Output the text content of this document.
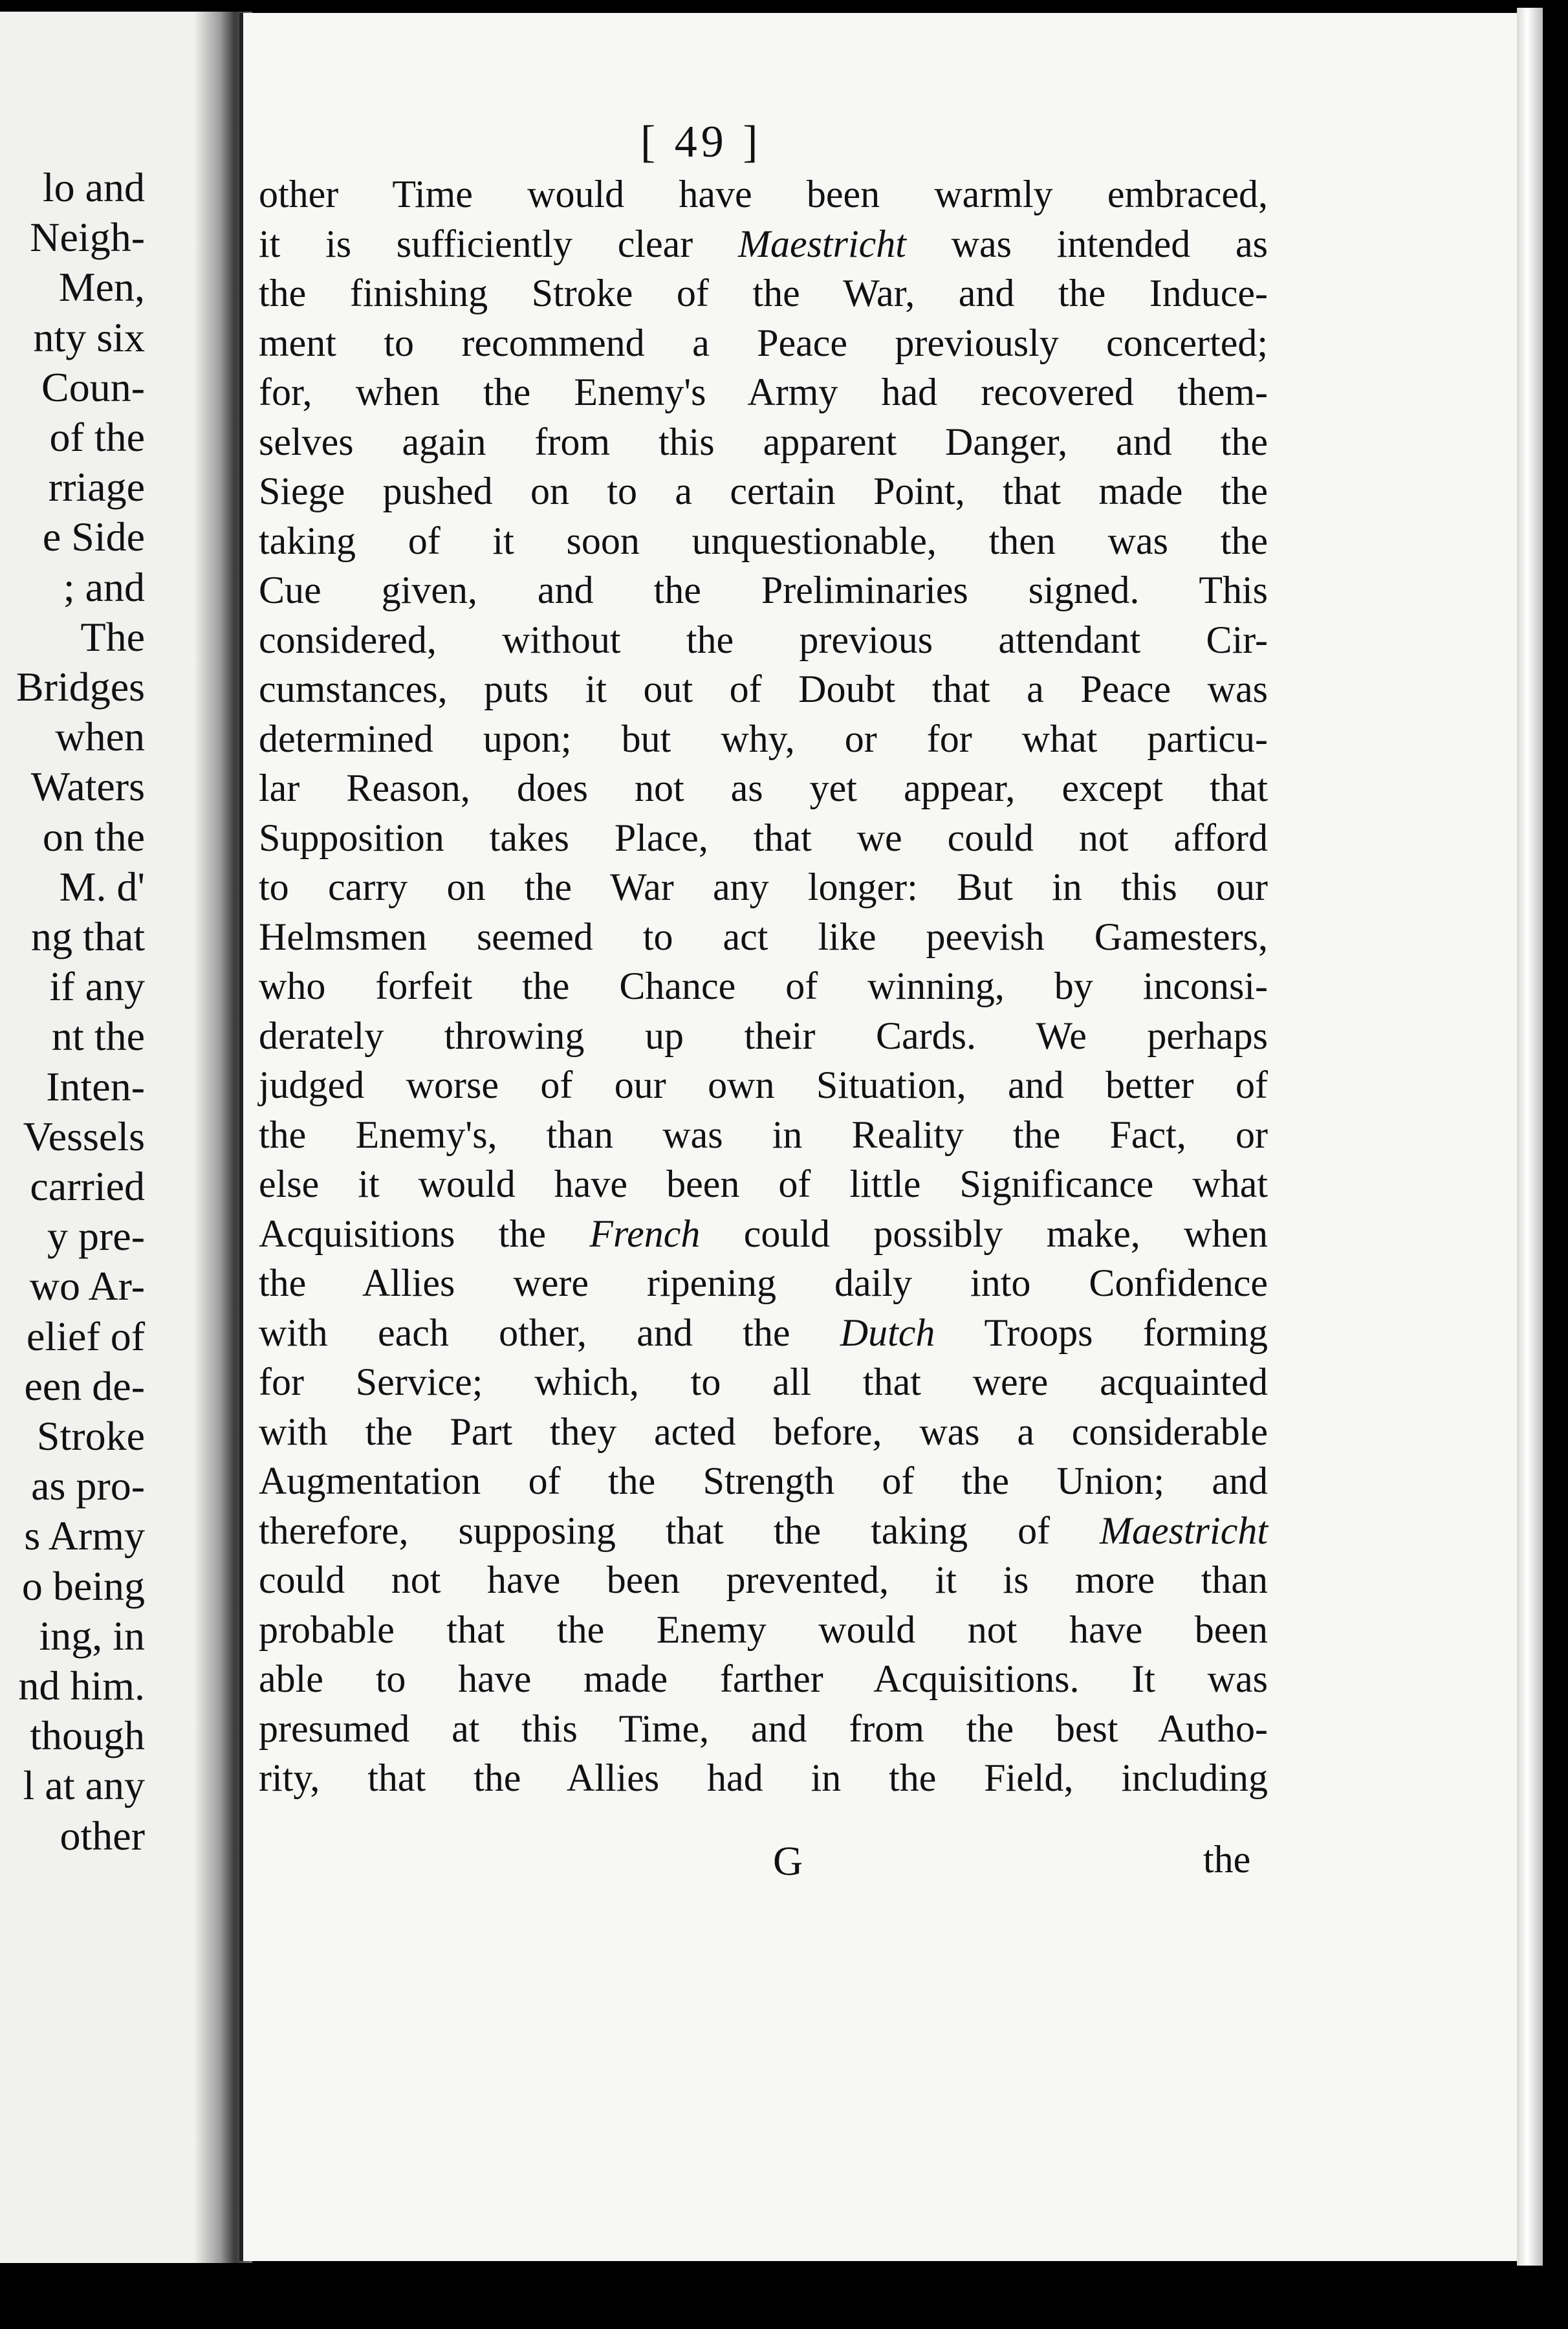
lo and

Neigh-

Men,

nty six

Coun-

of the

rriage

e Side

; and

The

Bridges

when

Waters

on the

M. d'

ng that

if any

nt the

Inten-

Vessels

carried

y pre-

wo Ar-

elief of

een de-

Stroke

as pro-

s Army

o being

ing, in

nd him.

though

l at any

other

[ 49 ]

other Time would have been warmly embraced,
it is sufficiently clear Maestricht was intended as
the finishing Stroke of the War, and the Induce-
ment to recommend a Peace previously concerted;
for, when the Enemy's Army had recovered them-
selves again from this apparent Danger, and the
Siege pushed on to a certain Point, that made the
taking of it soon unquestionable, then was the
Cue given, and the Preliminaries signed. This
considered, without the previous attendant Cir-
cumstances, puts it out of Doubt that a Peace was
determined upon; but why, or for what particu-
lar Reason, does not as yet appear, except that
Supposition takes Place, that we could not afford
to carry on the War any longer: But in this our
Helmsmen seemed to act like peevish Gamesters,
who forfeit the Chance of winning, by inconsi-
derately throwing up their Cards. We perhaps
judged worse of our own Situation, and better of
the Enemy's, than was in Reality the Fact, or
else it would have been of little Significance what
Acquisitions the French could possibly make, when
the Allies were ripening daily into Confidence
with each other, and the Dutch Troops forming
for Service; which, to all that were acquainted
with the Part they acted before, was a considerable
Augmentation of the Strength of the Union; and
therefore, supposing that the taking of Maestricht
could not have been prevented, it is more than
probable that the Enemy would not have been
able to have made farther Acquisitions. It was
presumed at this Time, and from the best Autho-
rity, that the Allies had in the Field, including

G	the
